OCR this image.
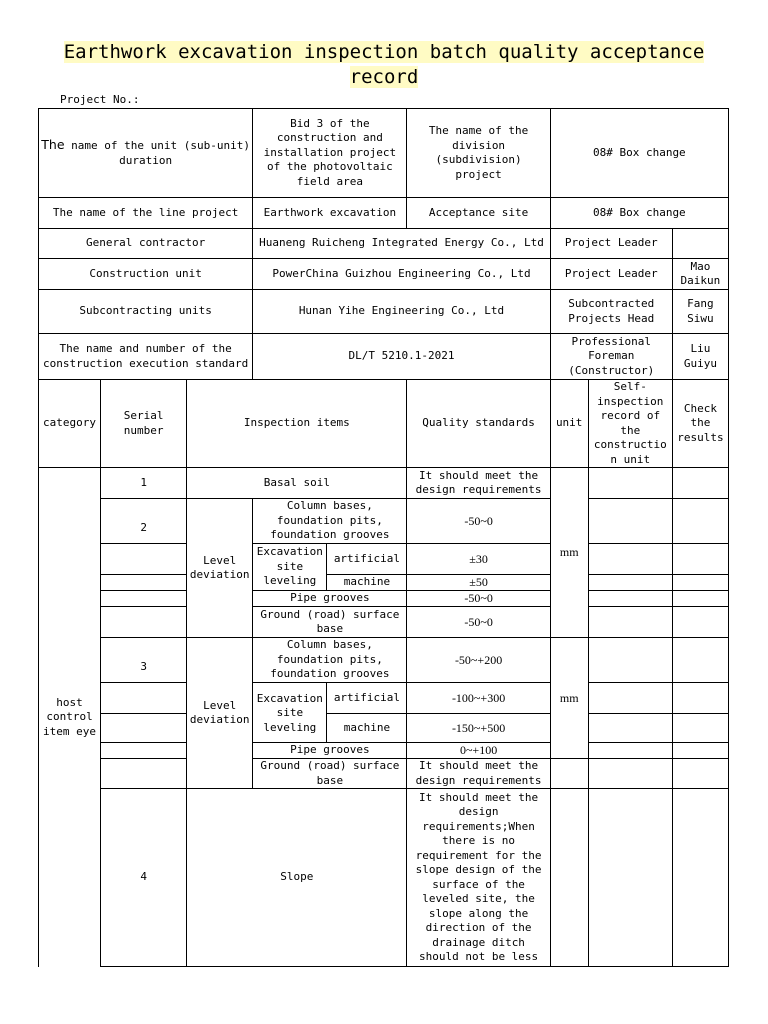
Earthwork excavation inspection batch quality acceptance record
Project No.:
The name of the unit (sub-unit) duration			Bid 3 of the construction and installation project of the photovoltaic field area		The name of the division (subdivision) project	08# Box change		
The name of the line project			Earthwork excavation		Acceptance site	08# Box change		
General contractor			Huaneng Ruicheng Integrated Energy Co., Ltd			Project Leader		
Construction unit			PowerChina Guizhou Engineering Co., Ltd			Project Leader		Mao Daikun
Subcontracting units			Hunan Yihe Engineering Co., Ltd			Subcontracted Projects Head		Fang Siwu
The name and number of the construction execution standard			DL/T 5210.1-2021			Professional Foreman (Constructor)		Liu Guiyu
category	Serial number	Inspection items			Quality standards	unit	Self-inspection record of the construction unit	Check the results
host control item eye	1	Basal soil			It should meet the design requirements	mm		
	2	Level deviation	Column bases, foundation pits, foundation grooves		-50~0			
			Excavation site leveling	artificial	±30			
				machine	±50			
			Pipe grooves		-50~0			
			Ground (road) surface base		-50~0			
	3	Level deviation	Column bases, foundation pits, foundation grooves		-50~+200	mm		
			Excavation site leveling	artificial	-100~+300			
				machine	-150~+500			
			Pipe grooves		0~+100			
			Ground (road) surface base		It should meet the design requirements			
	4	Slope			It should meet the design requirements;When there is no requirement for the slope design of the surface of the leveled site, the slope along the direction of the drainage ditch should not be less			
